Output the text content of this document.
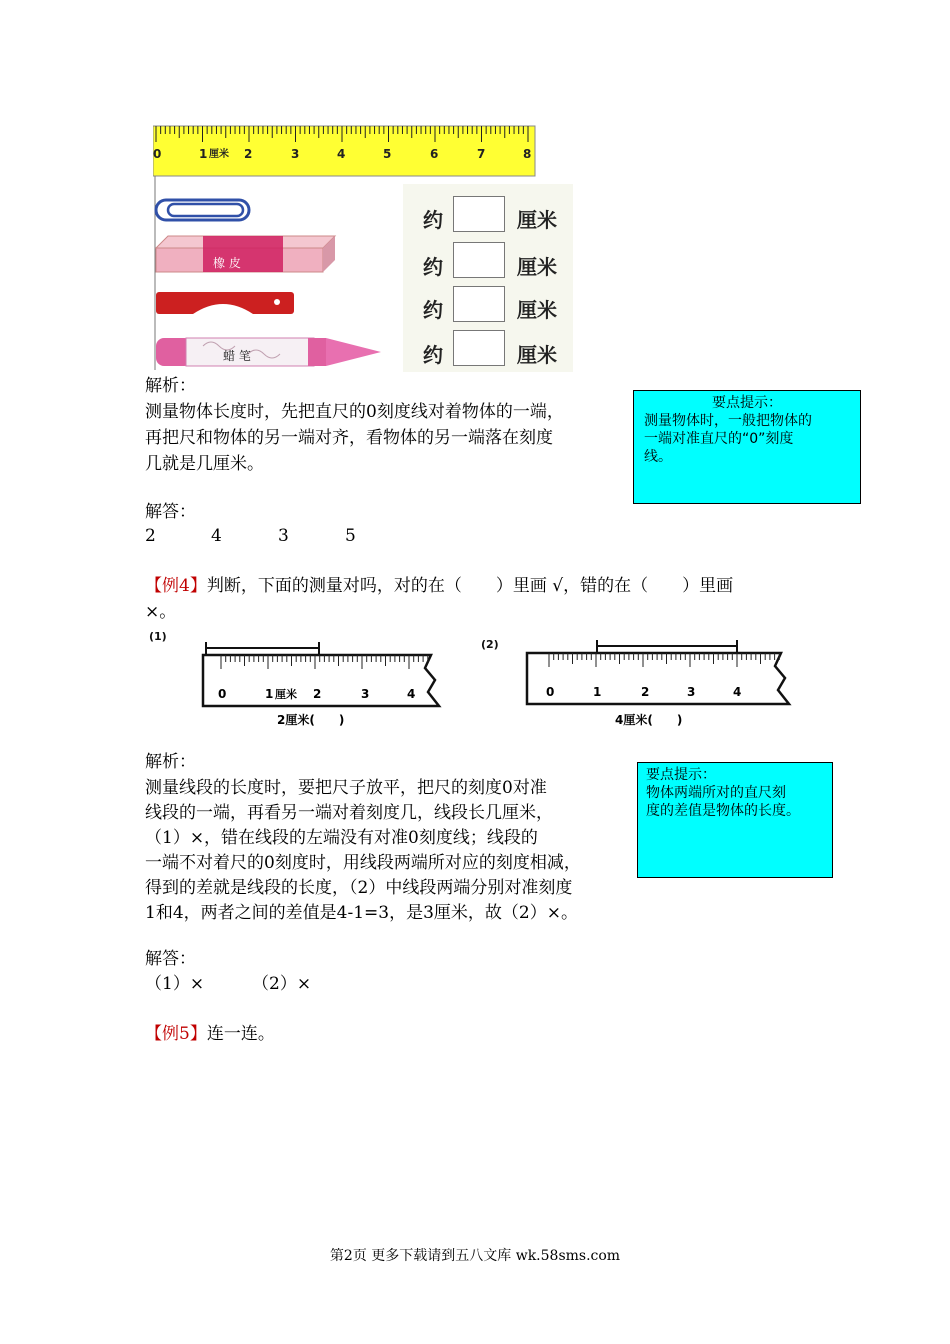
0	1 厘米 2	3	4	5	6	7	8
橡 皮
蜡 笔
约	厘米
约	厘米
约	厘米
约	厘米
解析：
测量物体长度时，先把直尺的0刻度线对着物体的一端，
再把尺和物体的另一端对齐，看物体的另一端落在刻度
几就是几厘米。
要点提示：
测量物体时，一般把物体的
一端对准直尺的“0”刻度
线。
解答：
2	4	3	5
【例4】判断，下面的测量对吗，对的在（　　）里画 √，错的在（　　）里画
×。
(1)
0	1 厘米 2	3	4
2厘米(　　)
(2)
0	1	2	3	4
4厘米(　　)
解析：
测量线段的长度时，要把尺子放平，把尺的刻度0对准
线段的一端，再看另一端对着刻度几，线段长几厘米，
（1）×，错在线段的左端没有对准0刻度线；线段的
一端不对着尺的0刻度时，用线段两端所对应的刻度相减，
得到的差就是线段的长度，（2）中线段两端分别对准刻度
1和4，两者之间的差值是4-1=3，是3厘米，故（2）×。
要点提示：
物体两端所对的直尺刻
度的差值是物体的长度。
解答：
（1）×	（2）×
【例5】连一连。
第2页 更多下载请到五八文库 wk.58sms.com
